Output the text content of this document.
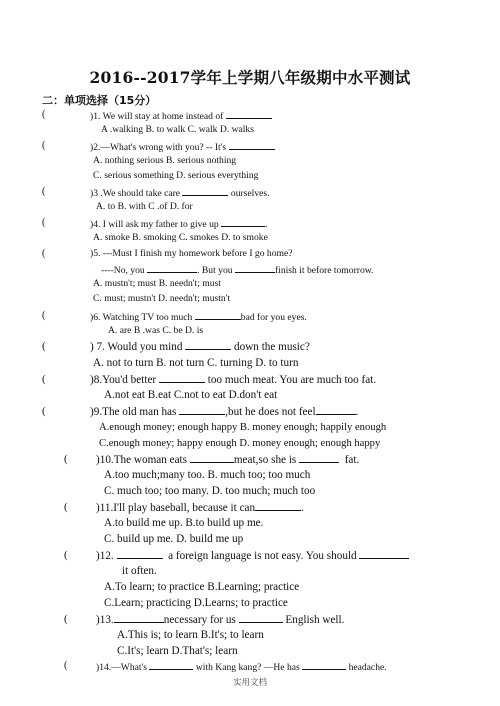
2016--2017学年上学期八年级期中水平测试
二：单项选择（15分）
(	)1. We will stay at home instead of
A .walking B. to walk C. walk D. walks
(	)2.—What's wrong with you? -- It's
A. nothing serious B. serious nothing
C. serious something D. serious everything
(	)3 .We should take care	ourselves.
A. to B. with C .of D. for
(	)4. I will ask my father to give up	.
A. smoke B. smoking C. smokes D. to smoke
(	)5. ---Must I finish my homework before I go home?
----No, you	. But you	finish it before tomorrow.
A. mustn't; must B. needn't; must
C. must; mustn't D. needn't; mustn't
(	)6. Watching TV too much	bad for you eyes.
A. are B .was C. be D. is
(	) 7. Would you mind	down the music?
A. not to turn B. not turn C. turning D. to turn
(	)8.You'd better	too much meat. You are much too fat.
A.not eat B.eat C.not to eat D.don't eat
(	)9.The old man has	,but he does not feel	.
A.enough money; enough happy B. money enough; happily enough
C.enough money; happy enough D. money enough; enough happy
(	)10.The woman eats	meat,so she is	fat.
A.too much;many too. B. much too; too much
C. much too; too many. D. too much; much too
(	)11.I'll play baseball, because it can	.
A.to build me up. B.to build up me.
C. build up me. D. build me up
(	)12.	a foreign language is not easy. You should
it often.
A.To learn; to practice B.Learning; practice
C.Learn; practicing D.Learns; to practice
(	)13.	necessary for us	English well.
A.This is; to learn B.It's; to learn
C.It's; learn D.That's; learn
(	)14.—What's	with Kang kang? —He has	headache.
实用文档
